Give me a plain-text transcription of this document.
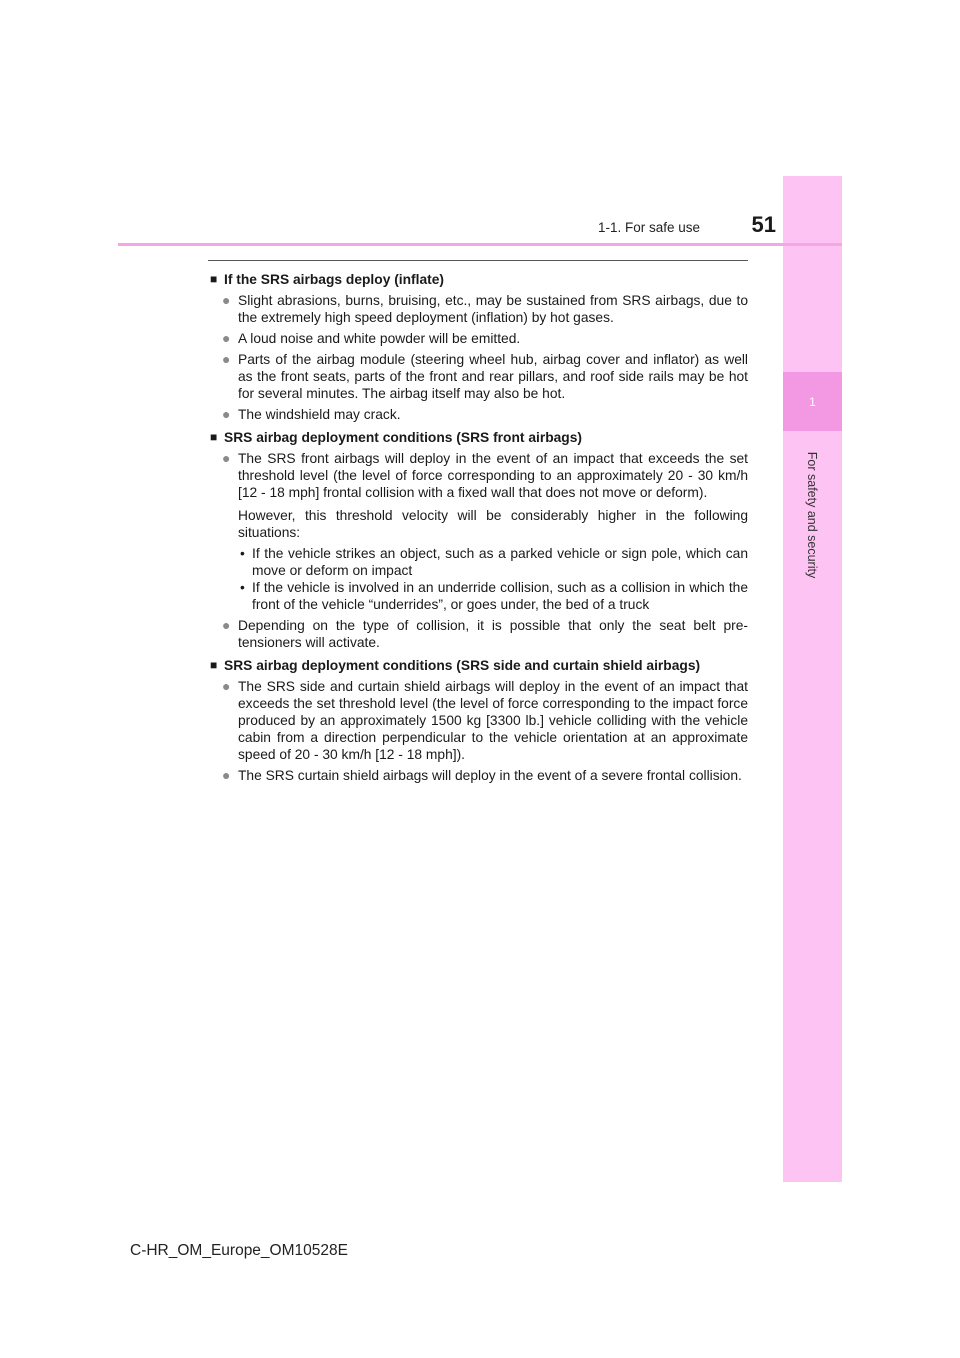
1
For safety and security
1-1. For safe use	51
■ If the SRS airbags deploy (inflate)
● Slight abrasions, burns, bruising, etc., may be sustained from SRS airbags, due to the extremely high speed deployment (inflation) by hot gases.
● A loud noise and white powder will be emitted.
● Parts of the airbag module (steering wheel hub, airbag cover and inflator) as well as the front seats, parts of the front and rear pillars, and roof side rails may be hot for several minutes. The airbag itself may also be hot.
● The windshield may crack.
■ SRS airbag deployment conditions (SRS front airbags)
● The SRS front airbags will deploy in the event of an impact that exceeds the set threshold level (the level of force corresponding to an approximately 20 - 30 km/h [12 - 18 mph] frontal collision with a fixed wall that does not move or deform).
However, this threshold velocity will be considerably higher in the following situations:
• If the vehicle strikes an object, such as a parked vehicle or sign pole, which can move or deform on impact
• If the vehicle is involved in an underride collision, such as a collision in which the front of the vehicle “underrides”, or goes under, the bed of a truck
● Depending on the type of collision, it is possible that only the seat belt pre-tensioners will activate.
■ SRS airbag deployment conditions (SRS side and curtain shield airbags)
● The SRS side and curtain shield airbags will deploy in the event of an impact that exceeds the set threshold level (the level of force corresponding to the impact force produced by an approximately 1500 kg [3300 lb.] vehicle colliding with the vehicle cabin from a direction perpendicular to the vehicle orientation at an approximate speed of 20 - 30 km/h [12 - 18 mph]).
● The SRS curtain shield airbags will deploy in the event of a severe frontal collision.
C-HR_OM_Europe_OM10528E
